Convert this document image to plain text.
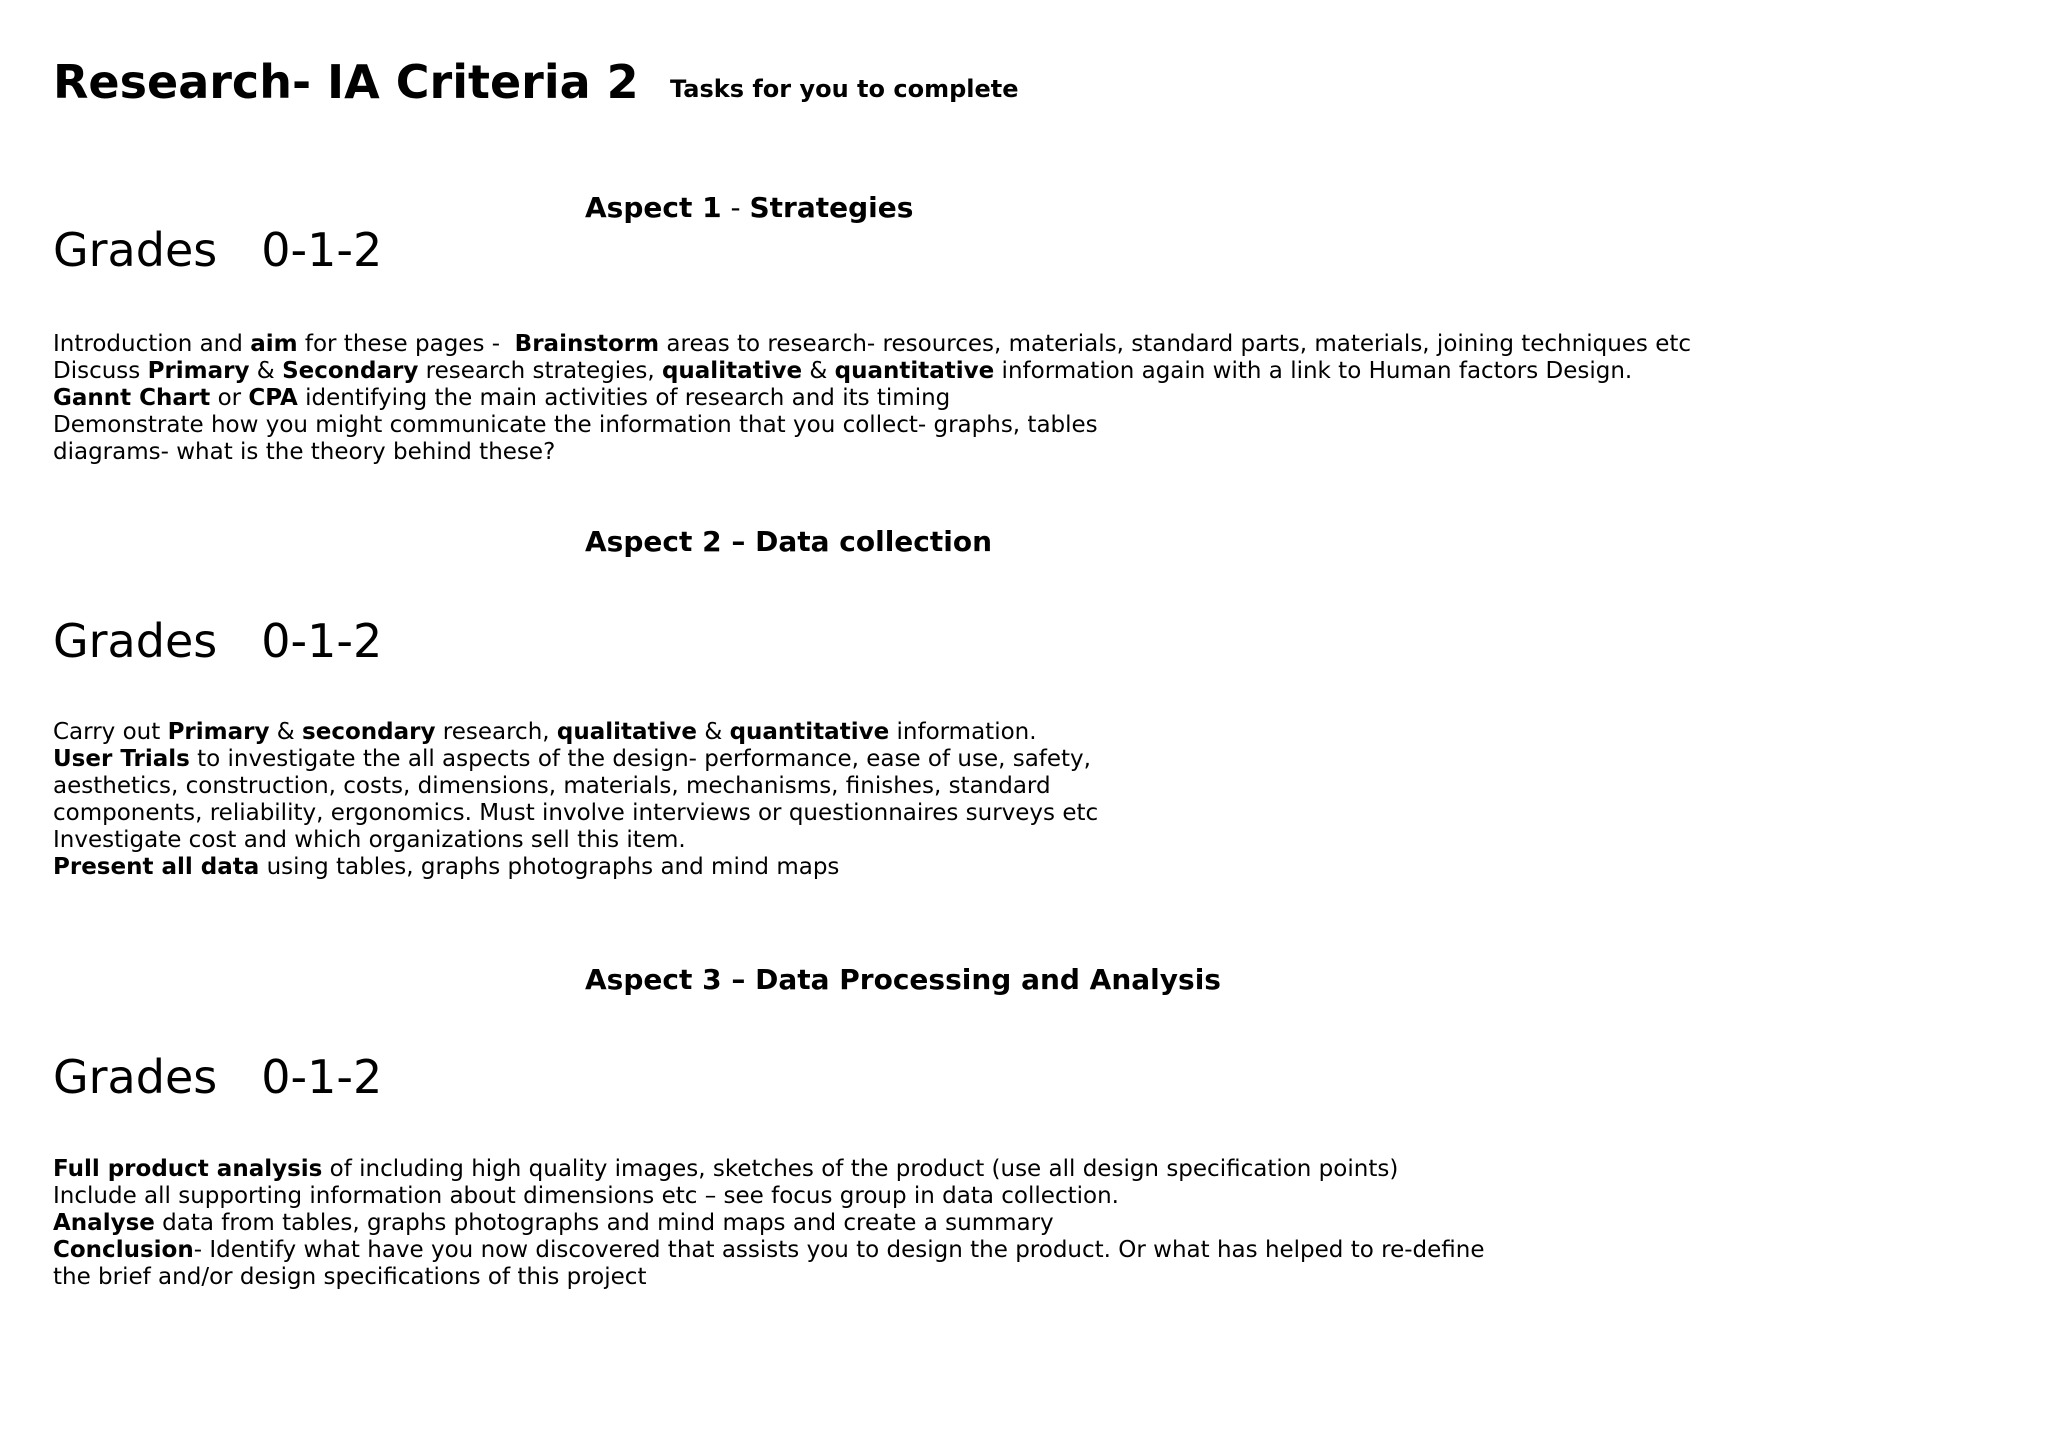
Research- IA Criteria 2 Tasks for you to complete
Aspect 1 - Strategies
Grades 0-1-2
Introduction and aim for these pages -  Brainstorm areas to research- resources, materials, standard parts, materials, joining techniques etc
Discuss Primary & Secondary research strategies, qualitative & quantitative information again with a link to Human factors Design.
Gannt Chart or CPA identifying the main activities of research and its timing
Demonstrate how you might communicate the information that you collect- graphs, tables
diagrams- what is the theory behind these?
Aspect 2 – Data collection
Grades 0-1-2
Carry out Primary & secondary research, qualitative & quantitative information.
User Trials to investigate the all aspects of the design- performance, ease of use, safety,
aesthetics, construction, costs, dimensions, materials, mechanisms, finishes, standard
components, reliability, ergonomics. Must involve interviews or questionnaires surveys etc
Investigate cost and which organizations sell this item.
Present all data using tables, graphs photographs and mind maps
Aspect 3 – Data Processing and Analysis
Grades 0-1-2
Full product analysis of including high quality images, sketches of the product (use all design specification points)
Include all supporting information about dimensions etc – see focus group in data collection.
Analyse data from tables, graphs photographs and mind maps and create a summary
Conclusion- Identify what have you now discovered that assists you to design the product. Or what has helped to re-define
the brief and/or design specifications of this project
